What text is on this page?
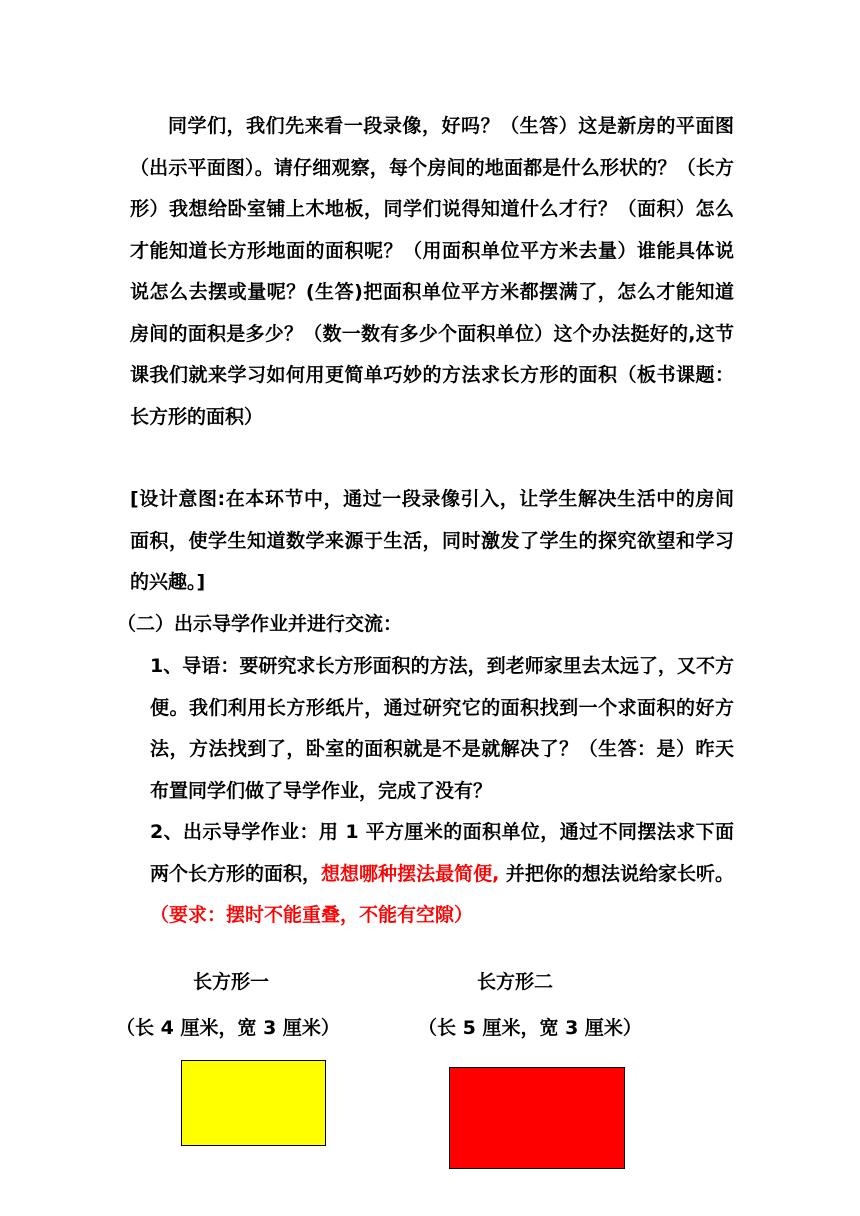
同学们，我们先来看一段录像，好吗？（生答）这是新房的平面图（出示平面图）。请仔细观察，每个房间的地面都是什么形状的？（长方形）我想给卧室铺上木地板，同学们说得知道什么才行？（面积）怎么才能知道长方形地面的面积呢？（用面积单位平方米去量）谁能具体说说怎么去摆或量呢？(生答)把面积单位平方米都摆满了，怎么才能知道房间的面积是多少？（数一数有多少个面积单位）这个办法挺好的,这节课我们就来学习如何用更简单巧妙的方法求长方形的面积（板书课题：长方形的面积）

[设计意图:在本环节中，通过一段录像引入，让学生解决生活中的房间面积，使学生知道数学来源于生活，同时激发了学生的探究欲望和学习的兴趣。]

（二）出示导学作业并进行交流：

1、导语：要研究求长方形面积的方法，到老师家里去太远了，又不方便。我们利用长方形纸片，通过研究它的面积找到一个求面积的好方法，方法找到了，卧室的面积就是不是就解决了？（生答：是）昨天布置同学们做了导学作业，完成了没有？

2、出示导学作业：用 1 平方厘米的面积单位，通过不同摆法求下面两个长方形的面积，想想哪种摆法最简便, 并把你的想法说给家长听。（要求：摆时不能重叠，不能有空隙）

长方形一	长方形二
（长 4 厘米，宽 3 厘米）	（长 5 厘米，宽 3 厘米）
